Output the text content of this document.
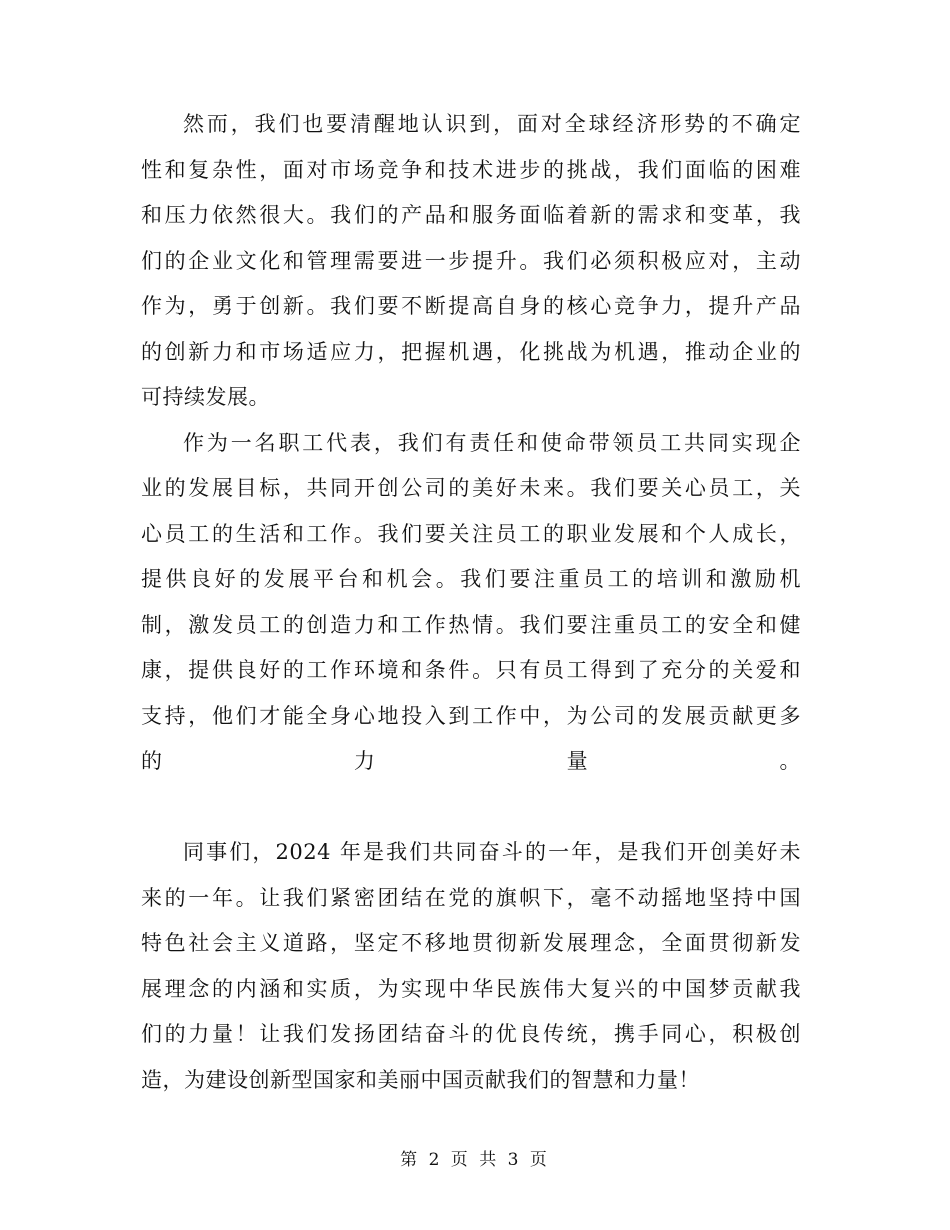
然而，我们也要清醒地认识到，面对全球经济形势的不确定
性和复杂性，面对市场竞争和技术进步的挑战，我们面临的困难
和压力依然很大。我们的产品和服务面临着新的需求和变革，我
们的企业文化和管理需要进一步提升。我们必须积极应对，主动
作为，勇于创新。我们要不断提高自身的核心竞争力，提升产品
的创新力和市场适应力，把握机遇，化挑战为机遇，推动企业的
可持续发展。
作为一名职工代表，我们有责任和使命带领员工共同实现企
业的发展目标，共同开创公司的美好未来。我们要关心员工，关
心员工的生活和工作。我们要关注员工的职业发展和个人成长，
提供良好的发展平台和机会。我们要注重员工的培训和激励机
制，激发员工的创造力和工作热情。我们要注重员工的安全和健
康，提供良好的工作环境和条件。只有员工得到了充分的关爱和
支持，他们才能全身心地投入到工作中，为公司的发展贡献更多
的力量。
同事们，2024 年是我们共同奋斗的一年，是我们开创美好未
来的一年。让我们紧密团结在党的旗帜下，毫不动摇地坚持中国
特色社会主义道路，坚定不移地贯彻新发展理念，全面贯彻新发
展理念的内涵和实质，为实现中华民族伟大复兴的中国梦贡献我
们的力量！让我们发扬团结奋斗的优良传统，携手同心，积极创
造，为建设创新型国家和美丽中国贡献我们的智慧和力量！
第 2 页 共 3 页
